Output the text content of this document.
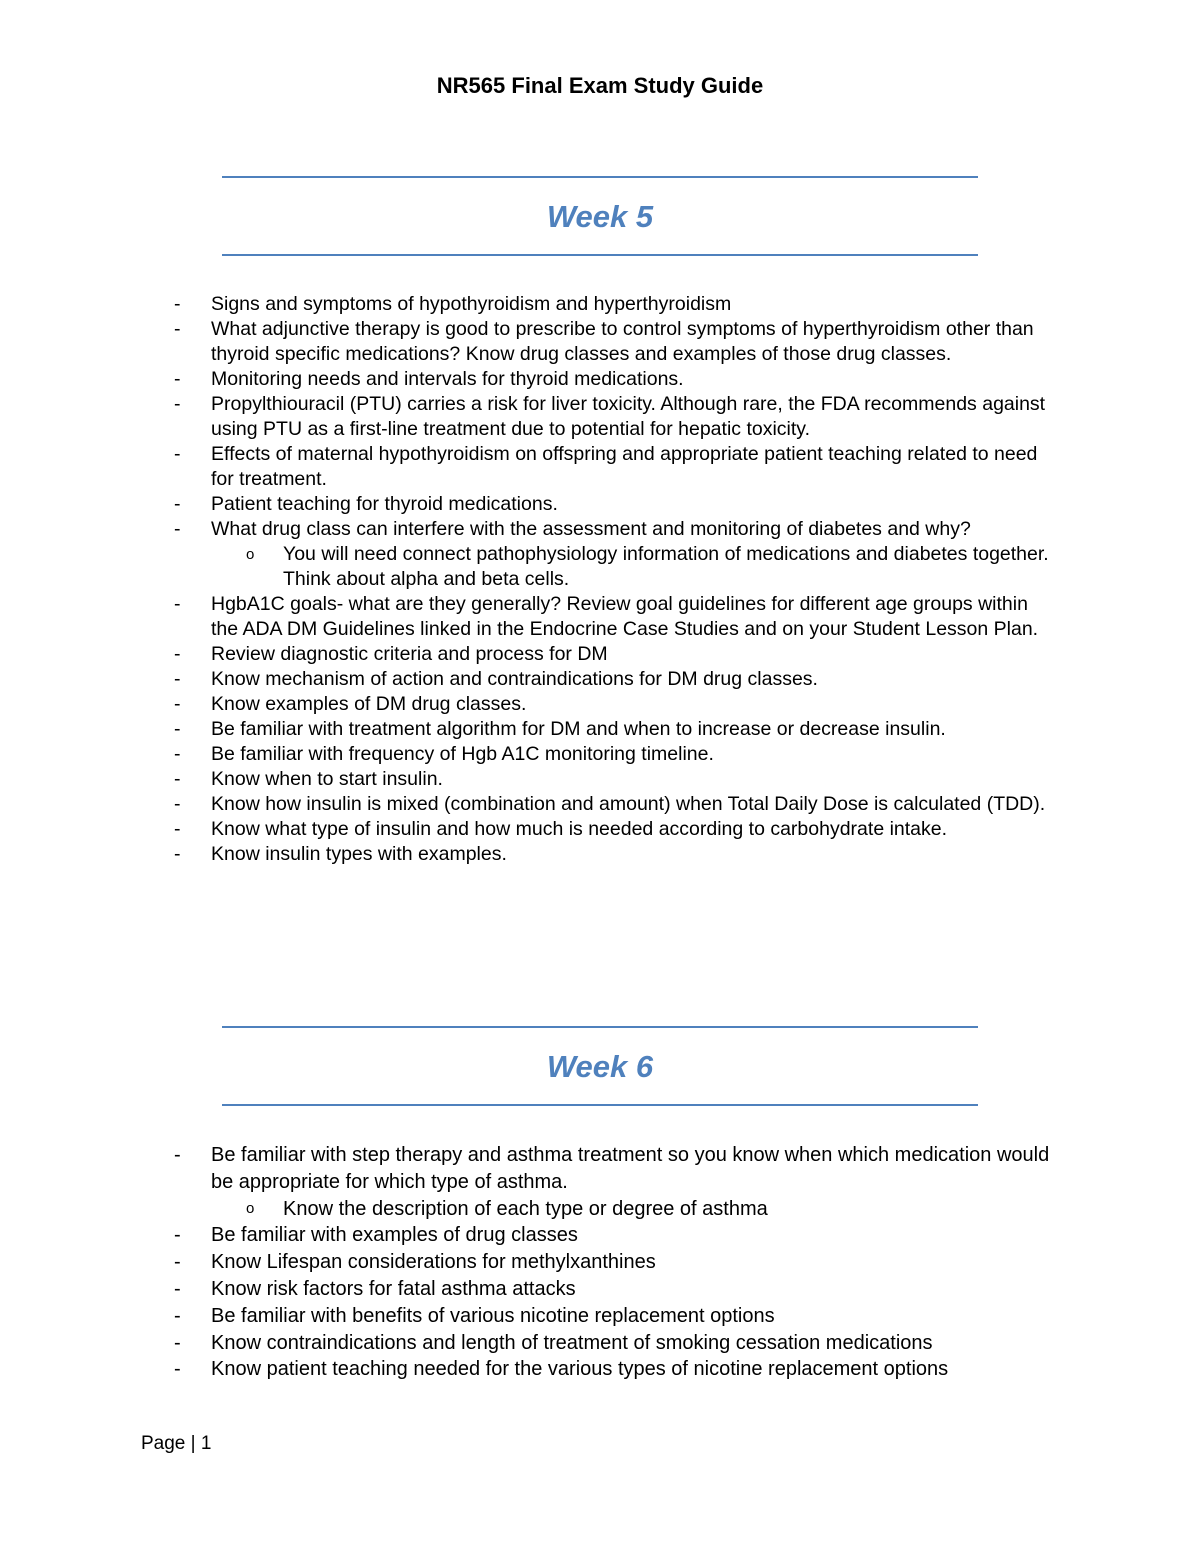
NR565 Final Exam Study Guide
Week 5
- Signs and symptoms of hypothyroidism and hyperthyroidism
- What adjunctive therapy is good to prescribe to control symptoms of hyperthyroidism other than thyroid specific medications? Know drug classes and examples of those drug classes.
- Monitoring needs and intervals for thyroid medications.
- Propylthiouracil (PTU) carries a risk for liver toxicity. Although rare, the FDA recommends against using PTU as a first-line treatment due to potential for hepatic toxicity.
- Effects of maternal hypothyroidism on offspring and appropriate patient teaching related to need for treatment.
- Patient teaching for thyroid medications.
- What drug class can interfere with the assessment and monitoring of diabetes and why?
o You will need connect pathophysiology information of medications and diabetes together. Think about alpha and beta cells.
- HgbA1C goals- what are they generally? Review goal guidelines for different age groups within the ADA DM Guidelines linked in the Endocrine Case Studies and on your Student Lesson Plan.
- Review diagnostic criteria and process for DM
- Know mechanism of action and contraindications for DM drug classes.
- Know examples of DM drug classes.
- Be familiar with treatment algorithm for DM and when to increase or decrease insulin.
- Be familiar with frequency of Hgb A1C monitoring timeline.
- Know when to start insulin.
- Know how insulin is mixed (combination and amount) when Total Daily Dose is calculated (TDD).
- Know what type of insulin and how much is needed according to carbohydrate intake.
- Know insulin types with examples.
Week 6
- Be familiar with step therapy and asthma treatment so you know when which medication would be appropriate for which type of asthma.
o Know the description of each type or degree of asthma
- Be familiar with examples of drug classes
- Know Lifespan considerations for methylxanthines
- Know risk factors for fatal asthma attacks
- Be familiar with benefits of various nicotine replacement options
- Know contraindications and length of treatment of smoking cessation medications
- Know patient teaching needed for the various types of nicotine replacement options
Page | 1
